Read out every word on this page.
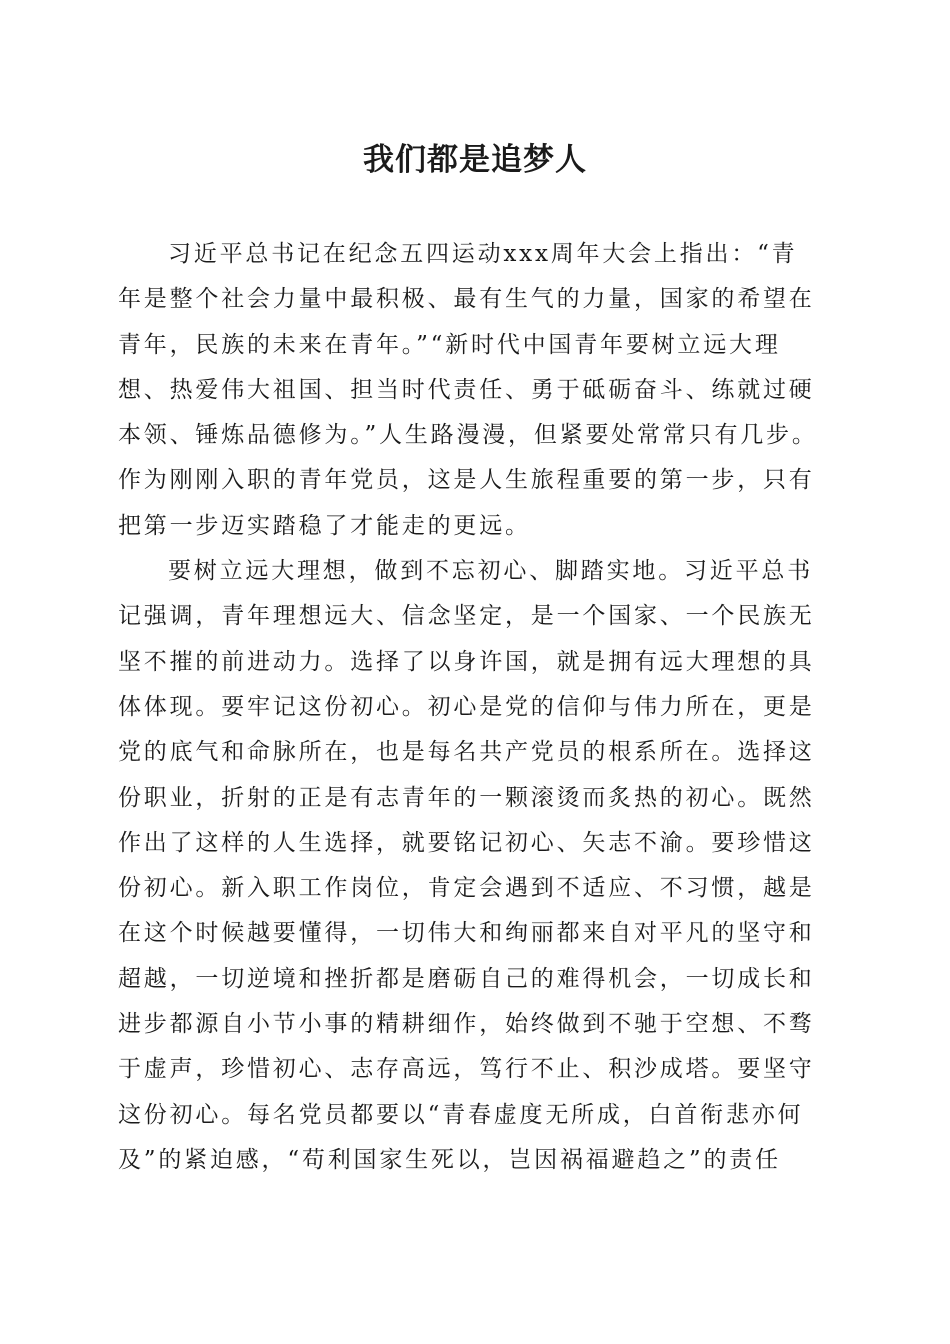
我们都是追梦人
习近平总书记在纪念五四运动xxx周年大会上指出：“青
年是整个社会力量中最积极、最有生气的力量，国家的希望在
青年，民族的未来在青年。”“新时代中国青年要树立远大理
想、热爱伟大祖国、担当时代责任、勇于砥砺奋斗、练就过硬
本领、锤炼品德修为。”人生路漫漫，但紧要处常常只有几步。
作为刚刚入职的青年党员，这是人生旅程重要的第一步，只有
把第一步迈实踏稳了才能走的更远。
要树立远大理想，做到不忘初心、脚踏实地。习近平总书
记强调，青年理想远大、信念坚定，是一个国家、一个民族无
坚不摧的前进动力。选择了以身许国，就是拥有远大理想的具
体体现。要牢记这份初心。初心是党的信仰与伟力所在，更是
党的底气和命脉所在，也是每名共产党员的根系所在。选择这
份职业，折射的正是有志青年的一颗滚烫而炙热的初心。既然
作出了这样的人生选择，就要铭记初心、矢志不渝。要珍惜这
份初心。新入职工作岗位，肯定会遇到不适应、不习惯，越是
在这个时候越要懂得，一切伟大和绚丽都来自对平凡的坚守和
超越，一切逆境和挫折都是磨砺自己的难得机会，一切成长和
进步都源自小节小事的精耕细作，始终做到不驰于空想、不骛
于虚声，珍惜初心、志存高远，笃行不止、积沙成塔。要坚守
这份初心。每名党员都要以“青春虚度无所成，白首衔悲亦何
及”的紧迫感，“苟利国家生死以，岂因祸福避趋之”的责任
